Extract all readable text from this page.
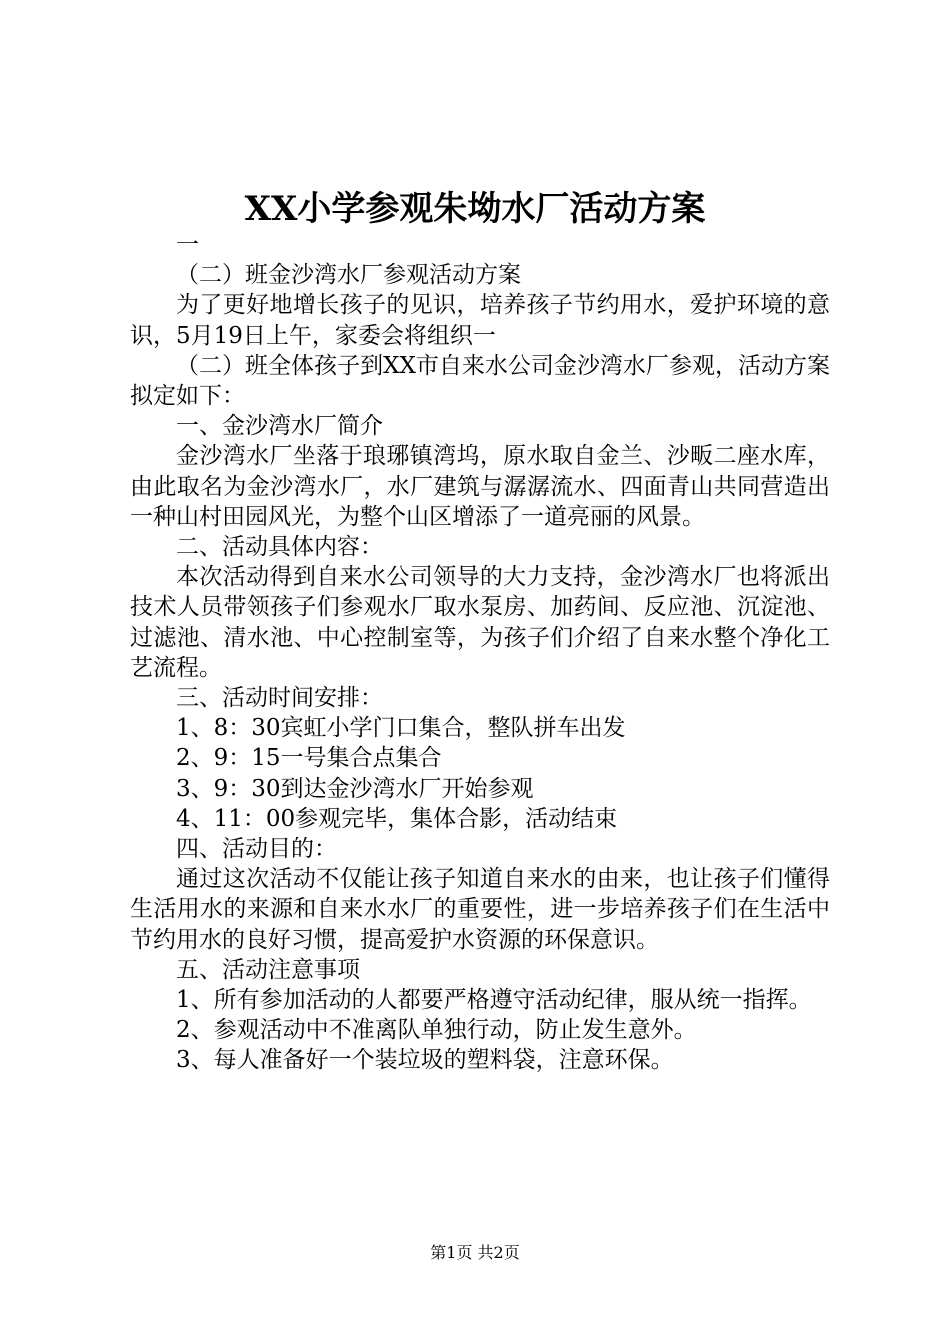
XX小学参观朱坳水厂活动方案

一

（二）班金沙湾水厂参观活动方案

为了更好地增长孩子的见识，培养孩子节约用水，爱护环境的意识，5月19日上午，家委会将组织一

（二）班全体孩子到XX市自来水公司金沙湾水厂参观，活动方案拟定如下：

一、金沙湾水厂简介

金沙湾水厂坐落于琅琊镇湾坞，原水取自金兰、沙畈二座水库，由此取名为金沙湾水厂，水厂建筑与潺潺流水、四面青山共同营造出一种山村田园风光，为整个山区增添了一道亮丽的风景。

二、活动具体内容：

本次活动得到自来水公司领导的大力支持，金沙湾水厂也将派出技术人员带领孩子们参观水厂取水泵房、加药间、反应池、沉淀池、过滤池、清水池、中心控制室等，为孩子们介绍了自来水整个净化工艺流程。

三、活动时间安排：

1、8：30宾虹小学门口集合，整队拼车出发

2、9：15一号集合点集合

3、9：30到达金沙湾水厂开始参观

4、11：00参观完毕，集体合影，活动结束

四、活动目的：

通过这次活动不仅能让孩子知道自来水的由来，也让孩子们懂得生活用水的来源和自来水水厂的重要性，进一步培养孩子们在生活中节约用水的良好习惯，提高爱护水资源的环保意识。

五、活动注意事项

1、所有参加活动的人都要严格遵守活动纪律，服从统一指挥。

2、参观活动中不准离队单独行动，防止发生意外。

3、每人准备好一个装垃圾的塑料袋，注意环保。

第1页 共2页
